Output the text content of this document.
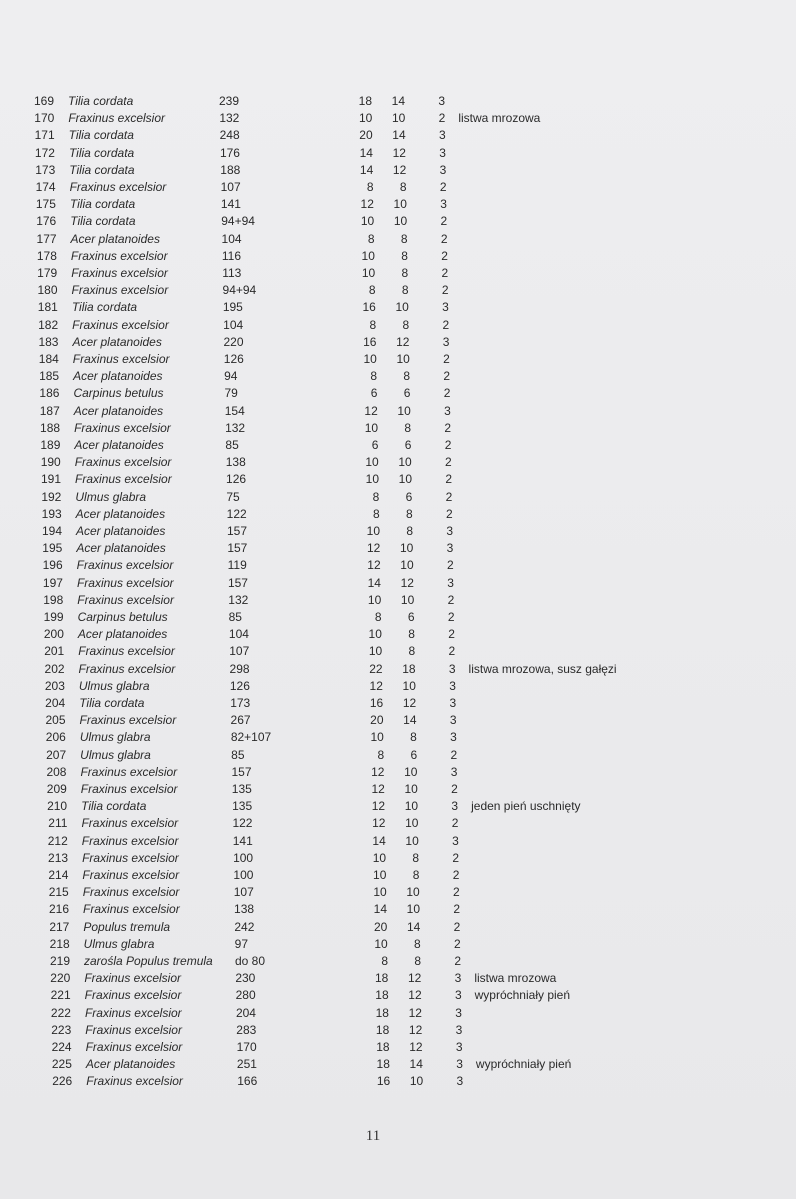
169 Tilia cordata	239	18	14	3
170 Fraxinus excelsior	132	10	10	2 listwa mrozowa
171 Tilia cordata	248	20	14	3
172 Tilia cordata	176	14	12	3
173 Tilia cordata	188	14	12	3
174 Fraxinus excelsior	107	8	8	2
175 Tilia cordata	141	12	10	3
176 Tilia cordata	94+94	10	10	2
177 Acer platanoides	104	8	8	2
178 Fraxinus excelsior	116	10	8	2
179 Fraxinus excelsior	113	10	8	2
180 Fraxinus excelsior	94+94	8	8	2
181 Tilia cordata	195	16	10	3
182 Fraxinus excelsior	104	8	8	2
183 Acer platanoides	220	16	12	3
184 Fraxinus excelsior	126	10	10	2
185 Acer platanoides	94	8	8	2
186 Carpinus betulus	79	6	6	2
187 Acer platanoides	154	12	10	3
188 Fraxinus excelsior	132	10	8	2
189 Acer platanoides	85	6	6	2
190 Fraxinus excelsior	138	10	10	2
191 Fraxinus excelsior	126	10	10	2
192 Ulmus glabra	75	8	6	2
193 Acer platanoides	122	8	8	2
194 Acer platanoides	157	10	8	3
195 Acer platanoides	157	12	10	3
196 Fraxinus excelsior	119	12	10	2
197 Fraxinus excelsior	157	14	12	3
198 Fraxinus excelsior	132	10	10	2
199 Carpinus betulus	85	8	6	2
200 Acer platanoides	104	10	8	2
201 Fraxinus excelsior	107	10	8	2
202 Fraxinus excelsior	298	22	18	3 listwa mrozowa, susz gałęzi
203 Ulmus glabra	126	12	10	3
204 Tilia cordata	173	16	12	3
205 Fraxinus excelsior	267	20	14	3
206 Ulmus glabra	82+107	10	8	3
207 Ulmus glabra	85	8	6	2
208 Fraxinus excelsior	157	12	10	3
209 Fraxinus excelsior	135	12	10	2
210 Tilia cordata	135	12	10	3 jeden pień uschnięty
211 Fraxinus excelsior	122	12	10	2
212 Fraxinus excelsior	141	14	10	3
213 Fraxinus excelsior	100	10	8	2
214 Fraxinus excelsior	100	10	8	2
215 Fraxinus excelsior	107	10	10	2
216 Fraxinus excelsior	138	14	10	2
217 Populus tremula	242	20	14	2
218 Ulmus glabra	97	10	8	2
219 zarośla Populus tremula do 80	8	8	2
220 Fraxinus excelsior	230	18	12	3 listwa mrozowa
221 Fraxinus excelsior	280	18	12	3 wypróchniały pień
222 Fraxinus excelsior	204	18	12	3
223 Fraxinus excelsior	283	18	12	3
224 Fraxinus excelsior	170	18	12	3
225 Acer platanoides	251	18	14	3 wypróchniały pień
226 Fraxinus excelsior	166	16	10	3
11
